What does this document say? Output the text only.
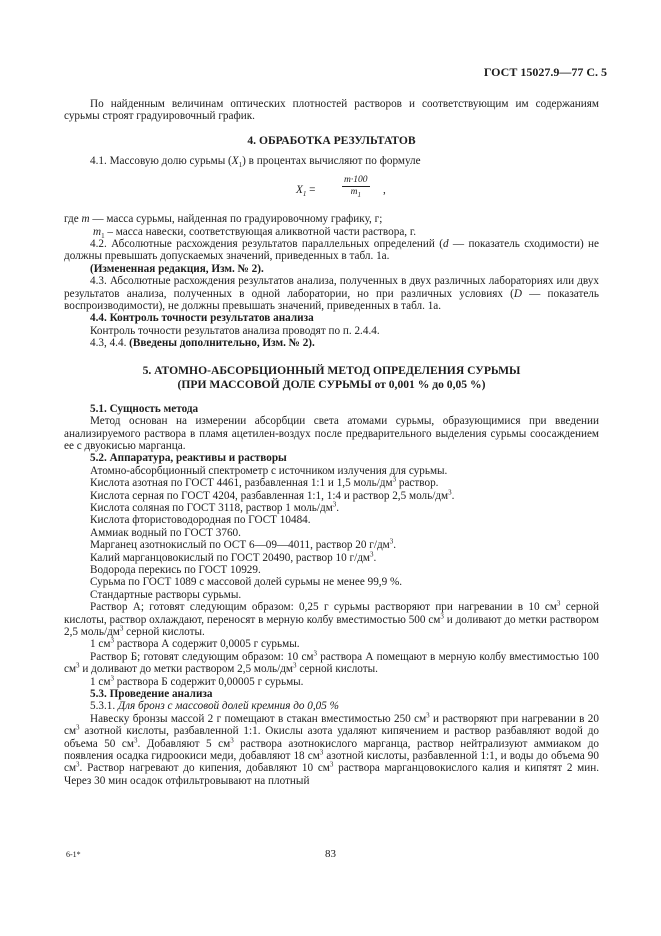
ГОСТ 15027.9—77 С. 5

По найденным величинам оптических плотностей растворов и соответствующим им содержаниям сурьмы строят градуировочный график.

4. ОБРАБОТКА РЕЗУЛЬТАТОВ

4.1. Массовую долю сурьмы $(X_1)$ в процентах вычисляют по формуле

$X_1$ =	$\frac{m\cdot 100}{m_1}$ ,

где m — масса сурьмы, найденная по градуировочному графику, г;

$m_1$ – масса навески, соответствующая аликвотной части раствора, г.

4.2. Абсолютные расхождения результатов параллельных определений (d — показатель сходимости) не должны превышать допускаемых значений, приведенных в табл. 1а.

(Измененная редакция, Изм. № 2).

4.3. Абсолютные расхождения результатов анализа, полученных в двух различных лабораториях или двух результатов анализа, полученных в одной лаборатории, но при различных условиях (D — показатель воспроизводимости), не должны превышать значений, приведенных в табл. 1а.

4.4. Контроль точности результатов анализа

Контроль точности результатов анализа проводят по п. 2.4.4.

4.3, 4.4. (Введены дополнительно, Изм. № 2).

5. АТОМНО-АБСОРБЦИОННЫЙ МЕТОД ОПРЕДЕЛЕНИЯ СУРЬМЫ
(ПРИ МАССОВОЙ ДОЛЕ СУРЬМЫ от 0,001 % до 0,05 %)

5.1. Сущность метода

Метод основан на измерении абсорбции света атомами сурьмы, образующимися при введении анализируемого раствора в пламя ацетилен-воздух после предварительного выделения сурьмы соосаждением ее с двуокисью марганца.

5.2. Аппаратура, реактивы и растворы

Атомно-абсорбционный спектрометр с источником излучения для сурьмы.

Кислота азотная по ГОСТ 4461, разбавленная 1:1 и 1,5 моль/$дм^3$ раствор.

Кислота серная по ГОСТ 4204, разбавленная 1:1, 1:4 и раствор 2,5 моль/$дм^3$.

Кислота соляная по ГОСТ 3118, раствор 1 моль/$дм^3$.

Кислота фтористоводородная по ГОСТ 10484.

Аммиак водный по ГОСТ 3760.

Марганец азотнокислый по ОСТ 6—09—4011, раствор 20 $г/дм^3$.

Калий марганцовокислый по ГОСТ 20490, раствор 10 $г/дм^3$.

Водорода перекись по ГОСТ 10929.

Сурьма по ГОСТ 1089 с массовой долей сурьмы не менее 99,9 %.

Стандартные растворы сурьмы.

Раствор А; готовят следующим образом: 0,25 г сурьмы растворяют при нагревании в 10 $см^3$ серной кислоты, раствор охлаждают, переносят в мерную колбу вместимостью 500 $см^3$ и доливают до метки раствором 2,5 моль/$дм^3$ серной кислоты.

1 $см^3$ раствора А содержит 0,0005 г сурьмы.

Раствор Б; готовят следующим образом: 10 $см^3$ раствора А помещают в мерную колбу вместимостью 100 $см^3$ и доливают до метки раствором 2,5 моль/$дм^3$ серной кислоты.

1 $см^3$ раствора Б содержит 0,00005 г сурьмы.

5.3. Проведение анализа

5.3.1. Для бронз с массовой долей кремния до 0,05 %

Навеску бронзы массой 2 г помещают в стакан вместимостью 250 $см^3$ и растворяют при нагревании в 20 $см^3$ азотной кислоты, разбавленной 1:1. Окислы азота удаляют кипячением и раствор разбавляют водой до объема 50 $см^3$. Добавляют 5 $см^3$ раствора азотнокислого марганца, раствор нейтрализуют аммиаком до появления осадка гидроокиси меди, добавляют 18 $см^3$ азотной кислоты, разбавленной 1:1, и воды до объема 90 $см^3$. Раствор нагревают до кипения, добавляют 10 $см^3$ раствора марганцовокислого калия и кипятят 2 мин. Через 30 мин осадок отфильтровывают на плотный

6-1*	83
